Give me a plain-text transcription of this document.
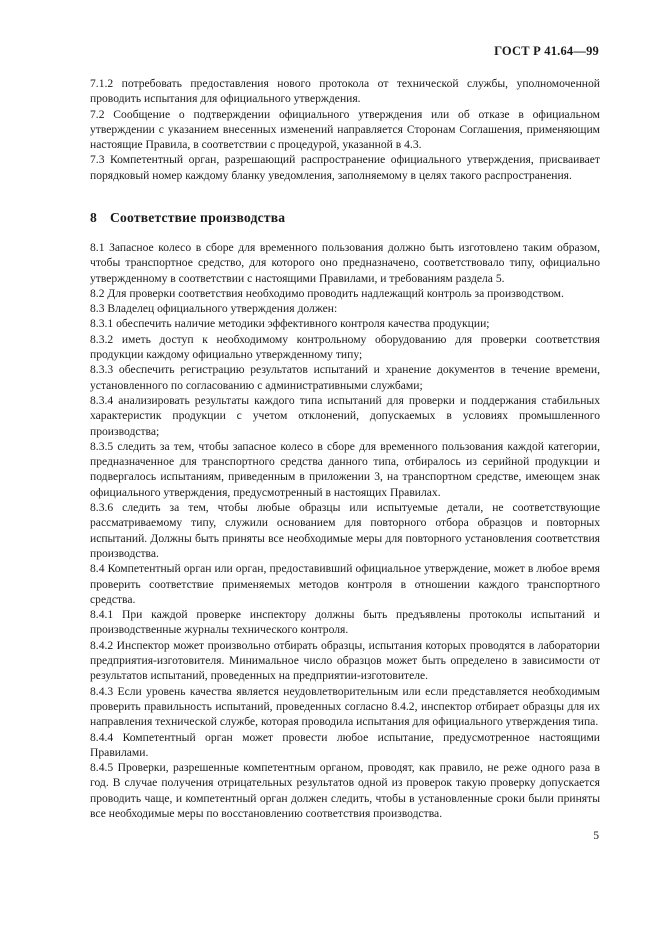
ГОСТ Р 41.64—99

7.1.2 потребовать предоставления нового протокола от технической службы, уполномоченной проводить испытания для официального утверждения.

7.2 Сообщение о подтверждении официального утверждения или об отказе в официальном утверждении с указанием внесенных изменений направляется Сторонам Соглашения, применяющим настоящие Правила, в соответствии с процедурой, указанной в 4.3.

7.3 Компетентный орган, разрешающий распространение официального утверждения, присваивает порядковый номер каждому бланку уведомления, заполняемому в целях такого распространения.

8 Соответствие производства

8.1 Запасное колесо в сборе для временного пользования должно быть изготовлено таким образом, чтобы транспортное средство, для которого оно предназначено, соответствовало типу, официально утвержденному в соответствии с настоящими Правилами, и требованиям раздела 5.

8.2 Для проверки соответствия необходимо проводить надлежащий контроль за производством.

8.3 Владелец официального утверждения должен:

8.3.1 обеспечить наличие методики эффективного контроля качества продукции;

8.3.2 иметь доступ к необходимому контрольному оборудованию для проверки соответствия продукции каждому официально утвержденному типу;

8.3.3 обеспечить регистрацию результатов испытаний и хранение документов в течение времени, установленного по согласованию с административными службами;

8.3.4 анализировать результаты каждого типа испытаний для проверки и поддержания стабильных характеристик продукции с учетом отклонений, допускаемых в условиях промышленного производства;

8.3.5 следить за тем, чтобы запасное колесо в сборе для временного пользования каждой категории, предназначенное для транспортного средства данного типа, отбиралось из серийной продукции и подвергалось испытаниям, приведенным в приложении 3, на транспортном средстве, имеющем знак официального утверждения, предусмотренный в настоящих Правилах.

8.3.6 следить за тем, чтобы любые образцы или испытуемые детали, не соответствующие рассматриваемому типу, служили основанием для повторного отбора образцов и повторных испытаний. Должны быть приняты все необходимые меры для повторного установления соответствия производства.

8.4 Компетентный орган или орган, предоставивший официальное утверждение, может в любое время проверить соответствие применяемых методов контроля в отношении каждого транспортного средства.

8.4.1 При каждой проверке инспектору должны быть предъявлены протоколы испытаний и производственные журналы технического контроля.

8.4.2 Инспектор может произвольно отбирать образцы, испытания которых проводятся в лаборатории предприятия-изготовителя. Минимальное число образцов может быть определено в зависимости от результатов испытаний, проведенных на предприятии-изготовителе.

8.4.3 Если уровень качества является неудовлетворительным или если представляется необходимым проверить правильность испытаний, проведенных согласно 8.4.2, инспектор отбирает образцы для их направления технической службе, которая проводила испытания для официального утверждения типа.

8.4.4 Компетентный орган может провести любое испытание, предусмотренное настоящими Правилами.

8.4.5 Проверки, разрешенные компетентным органом, проводят, как правило, не реже одного раза в год. В случае получения отрицательных результатов одной из проверок такую проверку допускается проводить чаще, и компетентный орган должен следить, чтобы в установленные сроки были приняты все необходимые меры по восстановлению соответствия производства.

5
